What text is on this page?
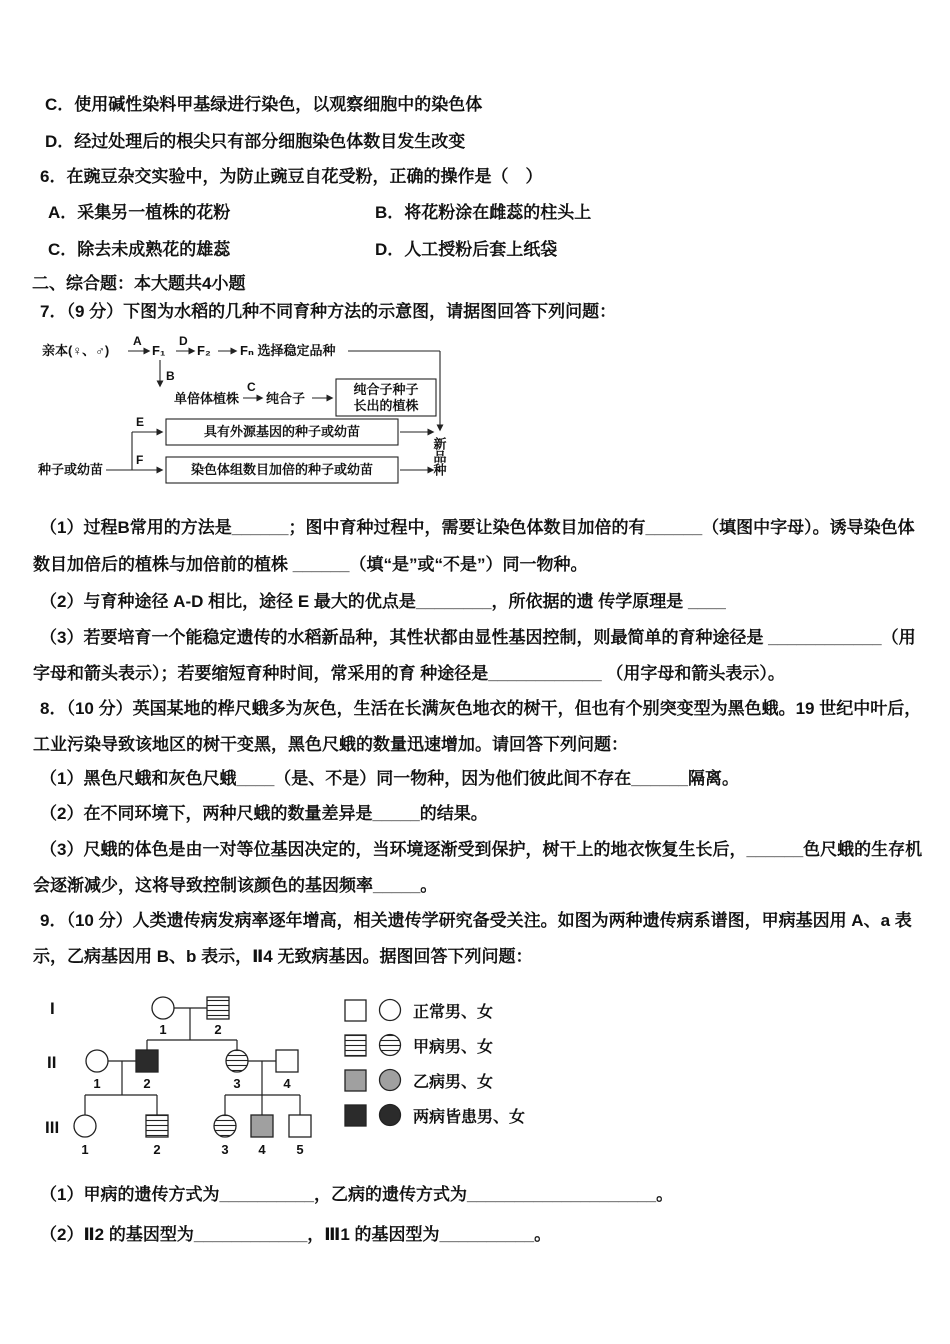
C．使用碱性染料甲基绿进行染色，以观察细胞中的染色体
D．经过处理后的根尖只有部分细胞染色体数目发生改变
6．在豌豆杂交实验中，为防止豌豆自花受粉，正确的操作是（　）
A．采集另一植株的花粉	B．将花粉涂在雌蕊的柱头上
C．除去未成熟花的雄蕊	D．人工授粉后套上纸袋
二、综合题：本大题共4小题
7．（9 分）下图为水稻的几种不同育种方法的示意图，请据图回答下列问题：
亲本(♀、♂)
A
F₁
D
F₂ Fₙ 选择稳定品种
B
单倍体植株
C
纯合子
纯合子种子
长出的植株
E
具有外源基因的种子或幼苗
种子或幼苗
F
染色体组数目加倍的种子或幼苗	新品种
（1）过程B常用的方法是______；图中育种过程中，需要让染色体数目加倍的有______（填图中字母）。诱导染色体
数目加倍后的植株与加倍前的植株 ______（填“是”或“不是”）同一物种。
（2）与育种途径 A-D 相比，途径 E 最大的优点是________，所依据的遗 传学原理是 ____
（3）若要培育一个能稳定遗传的水稻新品种，其性状都由显性基因控制，则最简单的育种途径是 ____________（用
字母和箭头表示）；若要缩短育种时间，常采用的育 种途径是____________ （用字母和箭头表示）。
8．（10 分）英国某地的桦尺蛾多为灰色，生活在长满灰色地衣的树干，但也有个别突变型为黑色蛾。19 世纪中叶后，
工业污染导致该地区的树干变黑，黑色尺蛾的数量迅速增加。请回答下列问题：
（1）黑色尺蛾和灰色尺蛾____（是、不是）同一物种，因为他们彼此间不存在______隔离。
（2）在不同环境下，两种尺蛾的数量差异是_____的结果。
（3）尺蛾的体色是由一对等位基因决定的，当环境逐渐受到保护，树干上的地衣恢复生长后，______色尺蛾的生存机
会逐渐减少，这将导致控制该颜色的基因频率_____。
9．（10 分）人类遗传病发病率逐年增高，相关遗传学研究备受关注。如图为两种遗传病系谱图，甲病基因用 A、a 表
示，乙病基因用 B、b 表示，Ⅱ4 无致病基因。据图回答下列问题：
I
II
III
1	2
1	2	3	4
1	2	3 4 5
正常男、女
甲病男、女
乙病男、女
两病皆患男、女
（1）甲病的遗传方式为__________，乙病的遗传方式为____________________。
（2）Ⅱ2 的基因型为____________，Ⅲ1 的基因型为__________。
